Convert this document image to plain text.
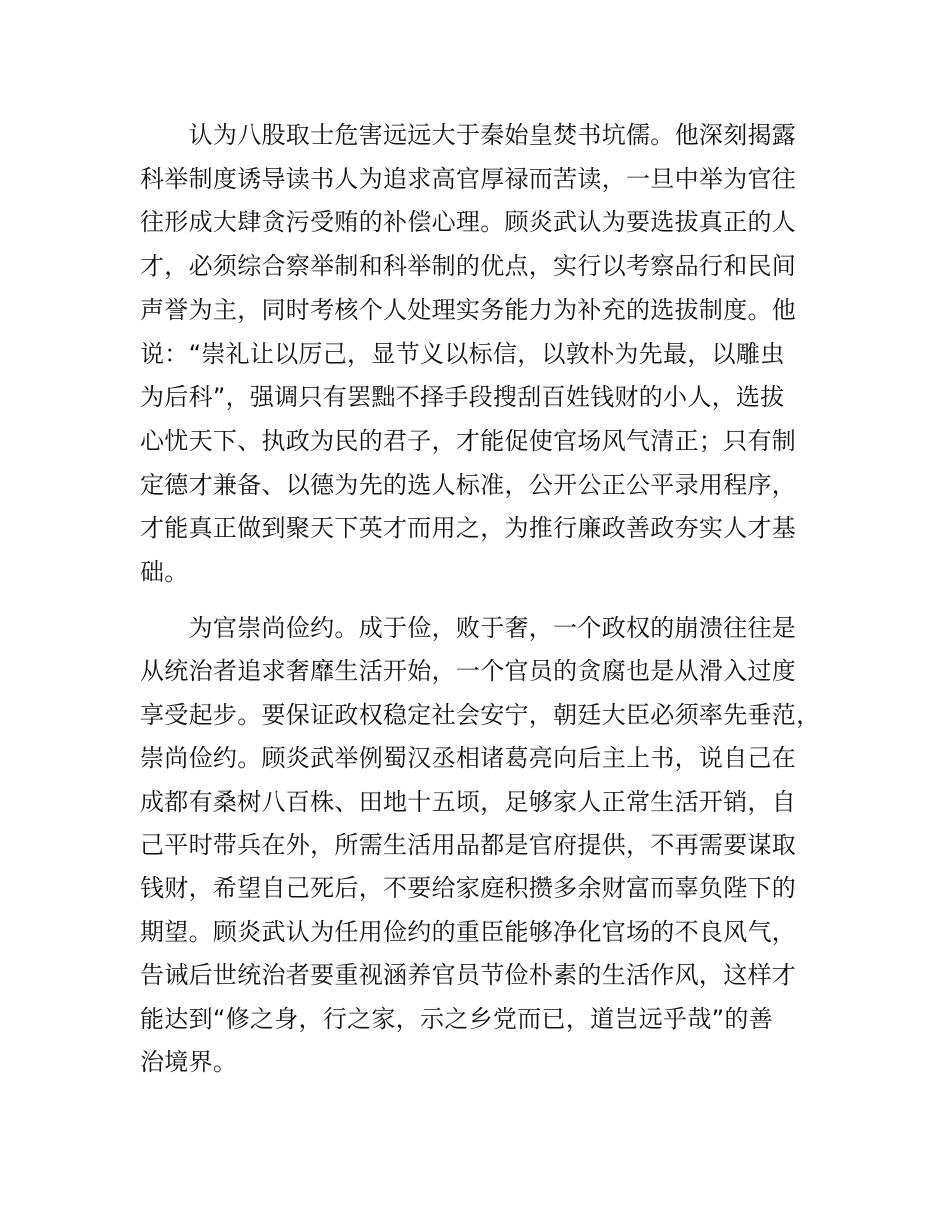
　　认为八股取士危害远远大于秦始皇焚书坑儒。他深刻揭露
科举制度诱导读书人为追求高官厚禄而苦读，一旦中举为官往
往形成大肆贪污受贿的补偿心理。顾炎武认为要选拔真正的人
才，必须综合察举制和科举制的优点，实行以考察品行和民间
声誉为主，同时考核个人处理实务能力为补充的选拔制度。他
说：“崇礼让以厉己，显节义以标信，以敦朴为先最，以雕虫
为后科”，强调只有罢黜不择手段搜刮百姓钱财的小人，选拔
心忧天下、执政为民的君子，才能促使官场风气清正；只有制
定德才兼备、以德为先的选人标准，公开公正公平录用程序，
才能真正做到聚天下英才而用之，为推行廉政善政夯实人才基
础。
　　为官崇尚俭约。成于俭，败于奢，一个政权的崩溃往往是
从统治者追求奢靡生活开始，一个官员的贪腐也是从滑入过度
享受起步。要保证政权稳定社会安宁，朝廷大臣必须率先垂范，
崇尚俭约。顾炎武举例蜀汉丞相诸葛亮向后主上书，说自己在
成都有桑树八百株、田地十五顷，足够家人正常生活开销，自
己平时带兵在外，所需生活用品都是官府提供，不再需要谋取
钱财，希望自己死后，不要给家庭积攒多余财富而辜负陛下的
期望。顾炎武认为任用俭约的重臣能够净化官场的不良风气，
告诫后世统治者要重视涵养官员节俭朴素的生活作风，这样才
能达到“修之身，行之家，示之乡党而已，道岂远乎哉”的善
治境界。
